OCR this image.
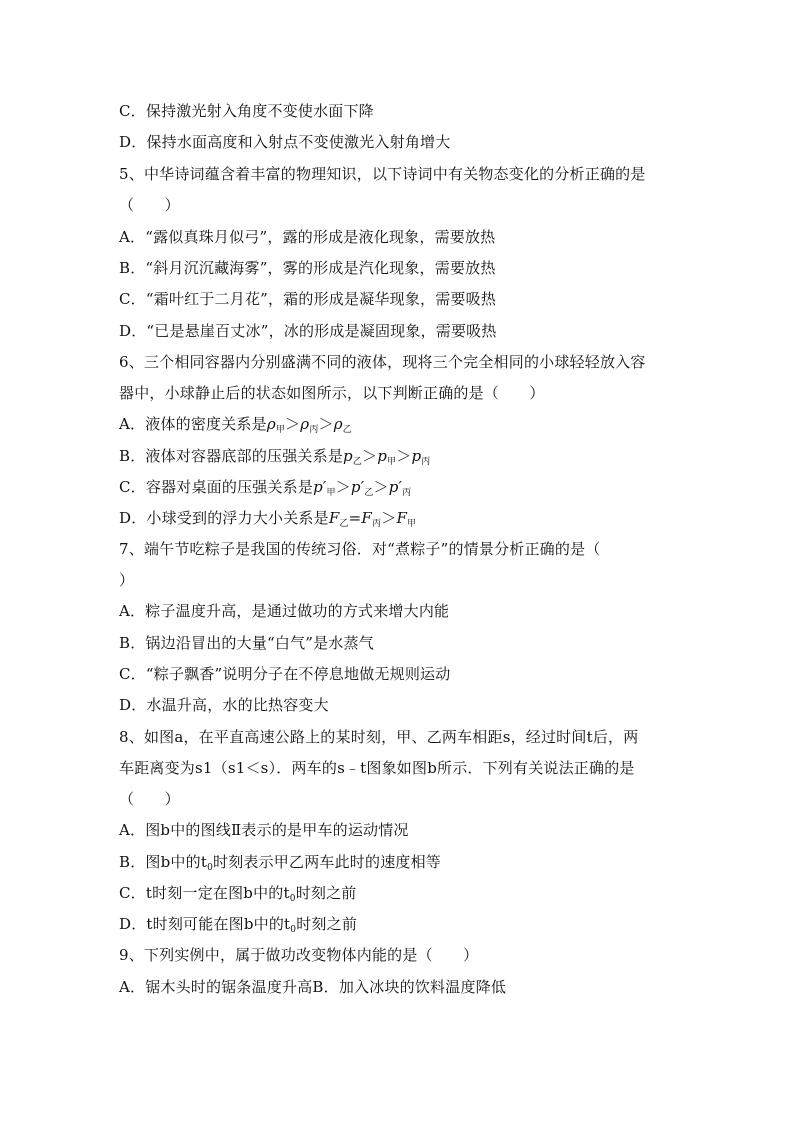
C．保持激光射入角度不变使水面下降
D．保持水面高度和入射点不变使激光入射角增大
5、中华诗词蕴含着丰富的物理知识，以下诗词中有关物态变化的分析正确的是
（　　）
A．“露似真珠月似弓”，露的形成是液化现象，需要放热
B．“斜月沉沉藏海雾”，雾的形成是汽化现象，需要放热
C．“霜叶红于二月花”，霜的形成是凝华现象，需要吸热
D．“已是悬崖百丈冰”，冰的形成是凝固现象，需要吸热
6、三个相同容器内分别盛满不同的液体，现将三个完全相同的小球轻轻放入容
器中，小球静止后的状态如图所示，以下判断正确的是（　　）
A．液体的密度关系是$\rho_甲>\rho_丙>\rho_乙$
B．液体对容器底部的压强关系是$p_乙>p_甲>p_丙$
C．容器对桌面的压强关系是$p'_甲>p'_乙>p'_丙$
D．小球受到的浮力大小关系是$F_乙=F_丙>F_甲$
7、端午节吃粽子是我国的传统习俗．对“煮粽子”的情景分析正确的是（
）
A．粽子温度升高，是通过做功的方式来增大内能
B．锅边沿冒出的大量“白气”是水蒸气
C．“粽子飘香”说明分子在不停息地做无规则运动
D．水温升高，水的比热容变大
8、如图a，在平直高速公路上的某时刻，甲、乙两车相距s，经过时间t后，两
车距离变为s1（s1＜s）．两车的s﹣t图象如图b所示．下列有关说法正确的是
（　　）
A．图b中的图线Ⅱ表示的是甲车的运动情况
B．图b中的$t_0$时刻表示甲乙两车此时的速度相等
C．t时刻一定在图b中的$t_0$时刻之前
D．t时刻可能在图b中的$t_0$时刻之前
9、下列实例中，属于做功改变物体内能的是（　　）
A．锯木头时的锯条温度升高B．加入冰块的饮料温度降低
